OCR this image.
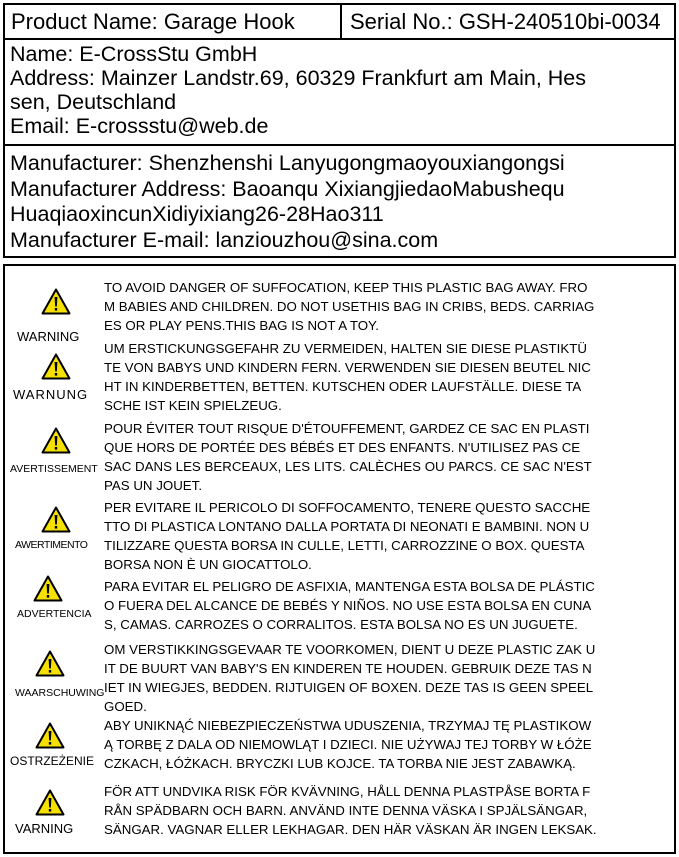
Product Name: Garage Hook	Serial No.: GSH-240510bi-0034
Name: E-CrossStu GmbH
Address: Mainzer Landstr.69, 60329 Frankfurt am Main, Hes
sen, Deutschland
Email: E-crossstu@web.de
Manufacturer: Shenzhenshi Lanyugongmaoyouxiangongsi
Manufacturer Address: Baoanqu XixiangjiedaoMabushequ
HuaqiaoxincunXidiyixiang26-28Hao311
Manufacturer E-mail: lanziouzhou@sina.com
WARNING
TO AVOID DANGER OF SUFFOCATION, KEEP THIS PLASTIC BAG AWAY. FRO
M BABIES AND CHILDREN. DO NOT USETHIS BAG IN CRIBS, BEDS. CARRIAG
ES OR PLAY PENS.THIS BAG IS NOT A TOY.
WARNUNG
UM ERSTICKUNGSGEFAHR ZU VERMEIDEN, HALTEN SIE DIESE PLASTIKTÜ
TE VON BABYS UND KINDERN FERN. VERWENDEN SIE DIESEN BEUTEL NIC
HT IN KINDERBETTEN, BETTEN. KUTSCHEN ODER LAUFSTÄLLE. DIESE TA
SCHE IST KEIN SPIELZEUG.
AVERTISSEMENT
POUR ÉVITER TOUT RISQUE D'ÉTOUFFEMENT, GARDEZ CE SAC EN PLASTI
QUE HORS DE PORTÉE DES BÉBÉS ET DES ENFANTS. N'UTILISEZ PAS CE
SAC DANS LES BERCEAUX, LES LITS. CALÈCHES OU PARCS. CE SAC N'EST
PAS UN JOUET.
AWERTIMENTO
PER EVITARE IL PERICOLO DI SOFFOCAMENTO, TENERE QUESTO SACCHE
TTO DI PLASTICA LONTANO DALLA PORTATA DI NEONATI E BAMBINI. NON U
TILIZZARE QUESTA BORSA IN CULLE, LETTI, CARROZZINE O BOX. QUESTA
BORSA NON È UN GIOCATTOLO.
ADVERTENCIA
PARA EVITAR EL PELIGRO DE ASFIXIA, MANTENGA ESTA BOLSA DE PLÁSTIC
O FUERA DEL ALCANCE DE BEBÉS Y NIÑOS. NO USE ESTA BOLSA EN CUNA
S, CAMAS. CARROZES O CORRALITOS. ESTA BOLSA NO ES UN JUGUETE.
WAARSCHUWING
OM VERSTIKKINGSGEVAAR TE VOORKOMEN, DIENT U DEZE PLASTIC ZAK U
IT DE BUURT VAN BABY'S EN KINDEREN TE HOUDEN. GEBRUIK DEZE TAS N
IET IN WIEGJES, BEDDEN. RIJTUIGEN OF BOXEN. DEZE TAS IS GEEN SPEEL
GOED.
OSTRZEŻENIE
ABY UNIKNĄĆ NIEBEZPIECZEŃSTWA UDUSZENIA, TRZYMAJ TĘ PLASTIKOW
Ą TORBĘ Z DALA OD NIEMOWLĄT I DZIECI. NIE UŻYWAJ TEJ TORBY W ŁÓŻE
CZKACH, ŁÓŻKACH. BRYCZKI LUB KOJCE. TA TORBA NIE JEST ZABAWKĄ.
VARNING
FÖR ATT UNDVIKA RISK FÖR KVÄVNING, HÅLL DENNA PLASTPÅSE BORTA F
RÅN SPÄDBARN OCH BARN. ANVÄND INTE DENNA VÄSKA I SPJÄLSÄNGAR,
SÄNGAR. VAGNAR ELLER LEKHAGAR. DEN HÄR VÄSKAN ÄR INGEN LEKSAK.
